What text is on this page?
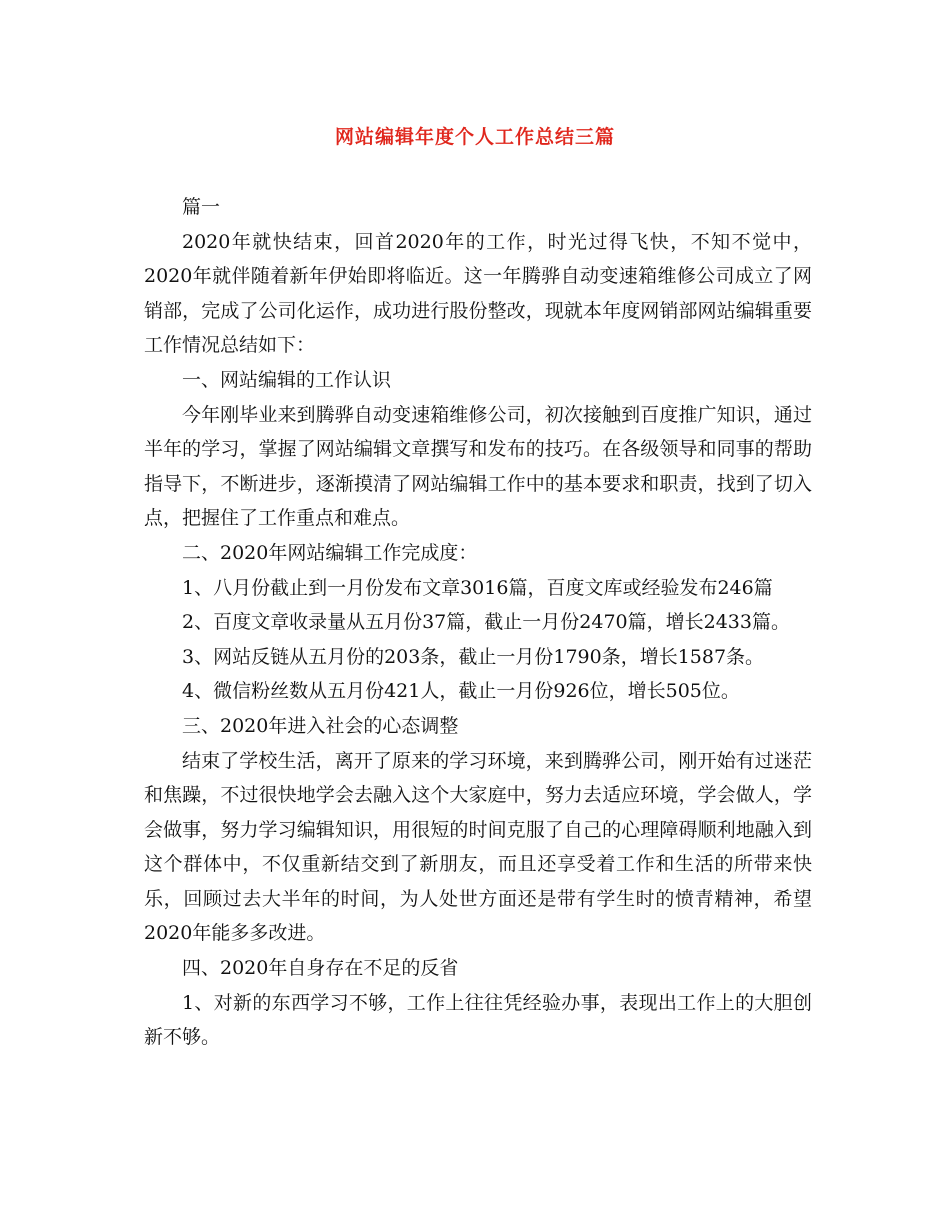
网站编辑年度个人工作总结三篇

篇一

2020年就快结束，回首2020年的工作，时光过得飞快，不知不觉中，2020年就伴随着新年伊始即将临近。这一年腾骅自动变速箱维修公司成立了网销部，完成了公司化运作，成功进行股份整改，现就本年度网销部网站编辑重要工作情况总结如下：

一、网站编辑的工作认识

今年刚毕业来到腾骅自动变速箱维修公司，初次接触到百度推广知识，通过半年的学习，掌握了网站编辑文章撰写和发布的技巧。在各级领导和同事的帮助指导下，不断进步，逐渐摸清了网站编辑工作中的基本要求和职责，找到了切入点，把握住了工作重点和难点。

二、2020年网站编辑工作完成度：

1、八月份截止到一月份发布文章3016篇，百度文库或经验发布246篇

2、百度文章收录量从五月份37篇，截止一月份2470篇，增长2433篇。

3、网站反链从五月份的203条，截止一月份1790条，增长1587条。

4、微信粉丝数从五月份421人，截止一月份926位，增长505位。

三、2020年进入社会的心态调整

结束了学校生活，离开了原来的学习环境，来到腾骅公司，刚开始有过迷茫和焦躁，不过很快地学会去融入这个大家庭中，努力去适应环境，学会做人，学会做事，努力学习编辑知识，用很短的时间克服了自己的心理障碍顺利地融入到这个群体中，不仅重新结交到了新朋友，而且还享受着工作和生活的所带来快乐，回顾过去大半年的时间，为人处世方面还是带有学生时的愤青精神，希望2020年能多多改进。

四、2020年自身存在不足的反省

1、对新的东西学习不够，工作上往往凭经验办事，表现出工作上的大胆创新不够。
